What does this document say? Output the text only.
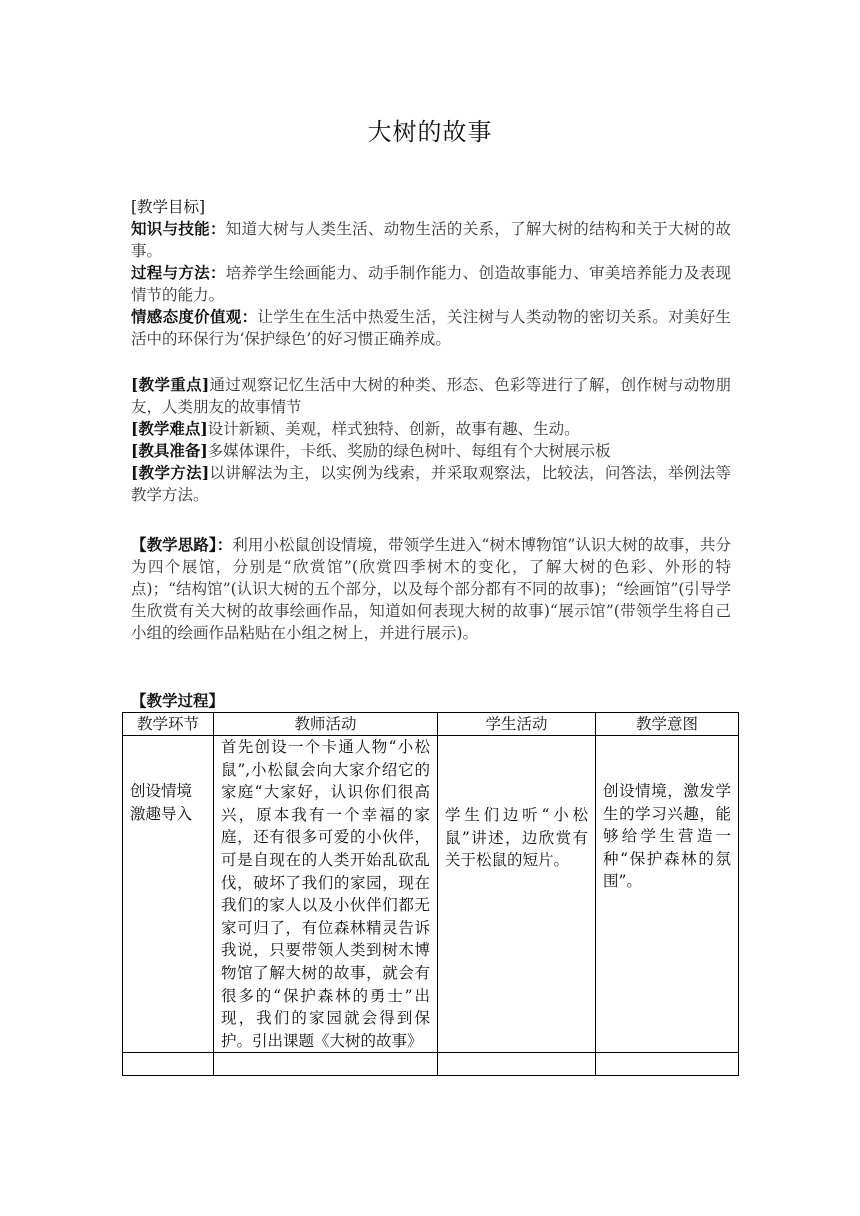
大树的故事

[教学目标]

知识与技能：知道大树与人类生活、动物生活的关系，了解大树的结构和关于大树的故事。

过程与方法：培养学生绘画能力、动手制作能力、创造故事能力、审美培养能力及表现情节的能力。

情感态度价值观：让学生在生活中热爱生活，关注树与人类动物的密切关系。对美好生活中的环保行为‘保护绿色’的好习惯正确养成。

[教学重点]通过观察记忆生活中大树的种类、形态、色彩等进行了解，创作树与动物朋友，人类朋友的故事情节

[教学难点]设计新颖、美观，样式独特、创新，故事有趣、生动。

[教具准备]多媒体课件，卡纸、奖励的绿色树叶、每组有个大树展示板

[教学方法]以讲解法为主，以实例为线索，并采取观察法，比较法，问答法，举例法等教学方法。

【教学思路】：利用小松鼠创设情境，带领学生进入“树木博物馆”认识大树的故事，共分为四个展馆，分别是“欣赏馆”(欣赏四季树木的变化，了解大树的色彩、外形的特点)；“结构馆”(认识大树的五个部分，以及每个部分都有不同的故事)；“绘画馆”(引导学生欣赏有关大树的故事绘画作品，知道如何表现大树的故事)“展示馆”(带领学生将自己小组的绘画作品粘贴在小组之树上，并进行展示)。

【教学过程】
教学环节	教师活动	学生活动	教学意图
创设情境激趣导入	首先创设一个卡通人物“小松鼠”,小松鼠会向大家介绍它的家庭“大家好，认识你们很高兴，原本我有一个幸福的家庭，还有很多可爱的小伙伴，可是自现在的人类开始乱砍乱伐，破坏了我们的家园，现在我们的家人以及小伙伴们都无家可归了，有位森林精灵告诉我说，只要带领人类到树木博物馆了解大树的故事，就会有很多的“保护森林的勇士”出现，我们的家园就会得到保护。引出课题《大树的故事》	学生们边听“小松鼠”讲述，边欣赏有关于松鼠的短片。	创设情境，激发学生的学习兴趣，能够给学生营造一种“保护森林的氛围”。
